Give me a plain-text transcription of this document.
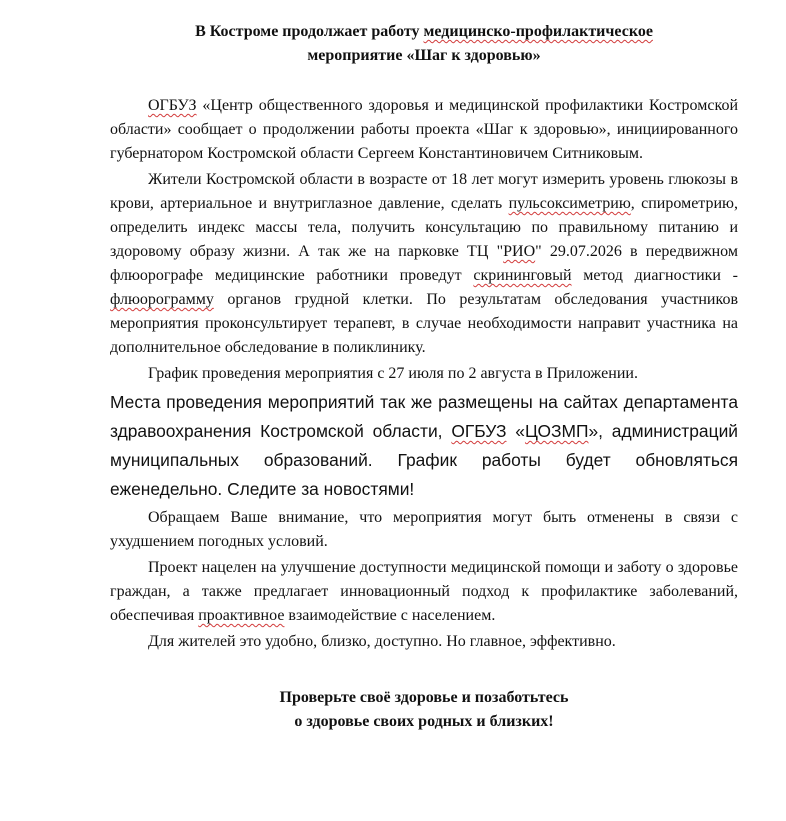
В Костроме продолжает работу медицинско-профилактическое
мероприятие «Шаг к здоровью»

ОГБУЗ «Центр общественного здоровья и медицинской профилактики Костромской области» сообщает о продолжении работы проекта «Шаг к здоровью», инициированного губернатором Костромской области Сергеем Константиновичем Ситниковым.

Жители Костромской области в возрасте от 18 лет могут измерить уровень глюкозы в крови, артериальное и внутриглазное давление, сделать пульсоксиметрию, спирометрию, определить индекс массы тела, получить консультацию по правильному питанию и здоровому образу жизни. А так же на парковке ТЦ "РИО" 29.07.2026 в передвижном флюорографе медицинские работники проведут скрининговый метод диагностики - флюорограмму органов грудной клетки. По результатам обследования участников мероприятия проконсультирует терапевт, в случае необходимости направит участника на дополнительное обследование в поликлинику.

График проведения мероприятия с 27 июля по 2 августа в Приложении.

Места проведения мероприятий так же размещены на сайтах департамента здравоохранения Костромской области, ОГБУЗ «ЦОЗМП», администраций муниципальных образований. График работы будет обновляться еженедельно. Следите за новостями!

Обращаем Ваше внимание, что мероприятия могут быть отменены в связи с ухудшением погодных условий.

Проект нацелен на улучшение доступности медицинской помощи и заботу о здоровье граждан, а также предлагает инновационный подход к профилактике заболеваний, обеспечивая проактивное взаимодействие с населением.

Для жителей это удобно, близко, доступно. Но главное, эффективно.

Проверьте своё здоровье и позаботьтесь
о здоровье своих родных и близких!
